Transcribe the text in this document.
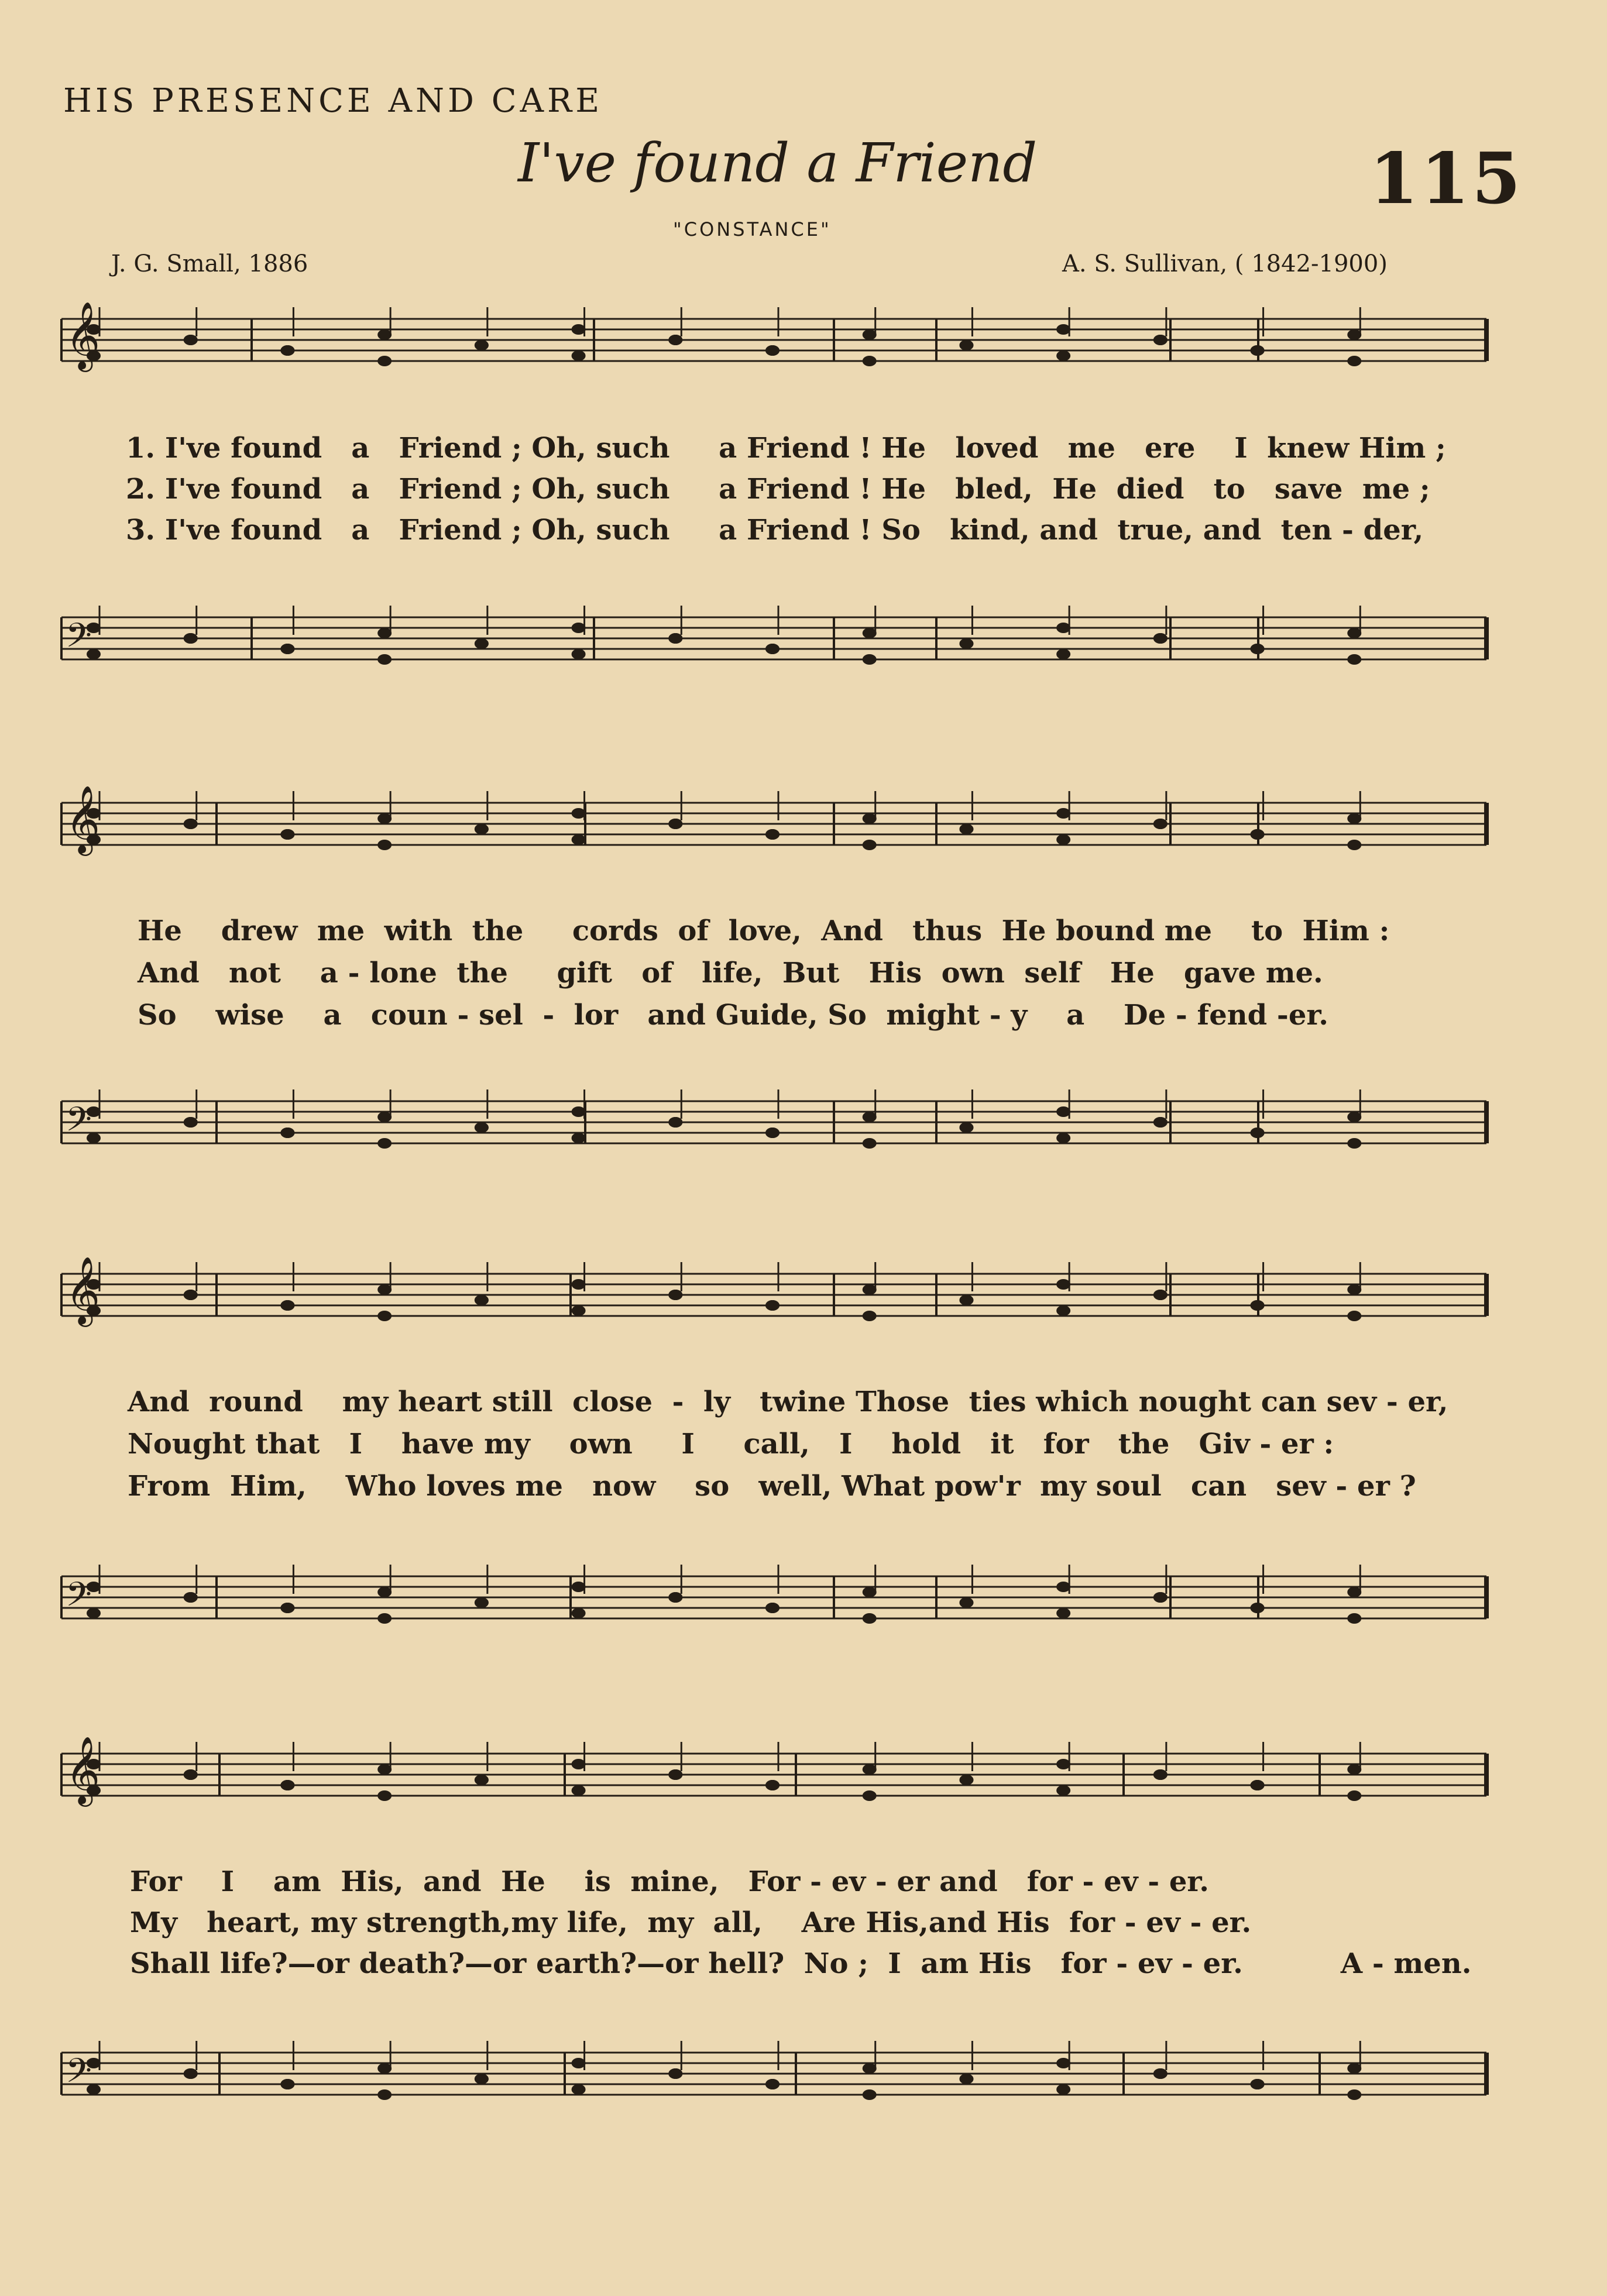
HIS PRESENCE AND CARE
I've found a Friend	115
"CONSTANCE"
J. G. Small, 1886	A. S. Sullivan, ( 1842-1900)
𝄞
𝄢
𝄞
𝄢
𝄞
𝄢
𝄞
𝄢
1. I've found   a   Friend ; Oh, such     a Friend ! He   loved   me   ere    I  knew Him ;
2. I've found   a   Friend ; Oh, such     a Friend ! He   bled,  He  died   to   save  me ;
3. I've found   a   Friend ; Oh, such     a Friend ! So   kind, and  true, and  ten - der,
He    drew  me  with  the     cords  of  love,  And   thus  He bound me    to  Him :
And   not    a - lone  the     gift   of   life,  But   His  own  self   He   gave me.
So    wise    a   coun - sel  -  lor   and Guide, So  might - y    a    De - fend -er.
And  round    my heart still  close  -  ly   twine Those  ties which nought can sev - er,
Nought that   I    have my    own     I     call,   I    hold   it   for   the   Giv - er :
From  Him,    Who loves me   now    so   well, What pow'r  my soul   can   sev - er ?
For    I    am  His,  and  He    is  mine,   For - ev - er and   for - ev - er.
My   heart, my strength,my life,  my  all,    Are His,and His  for - ev - er.
Shall life?—or death?—or earth?—or hell?  No ;  I  am His   for - ev - er.          A - men.
